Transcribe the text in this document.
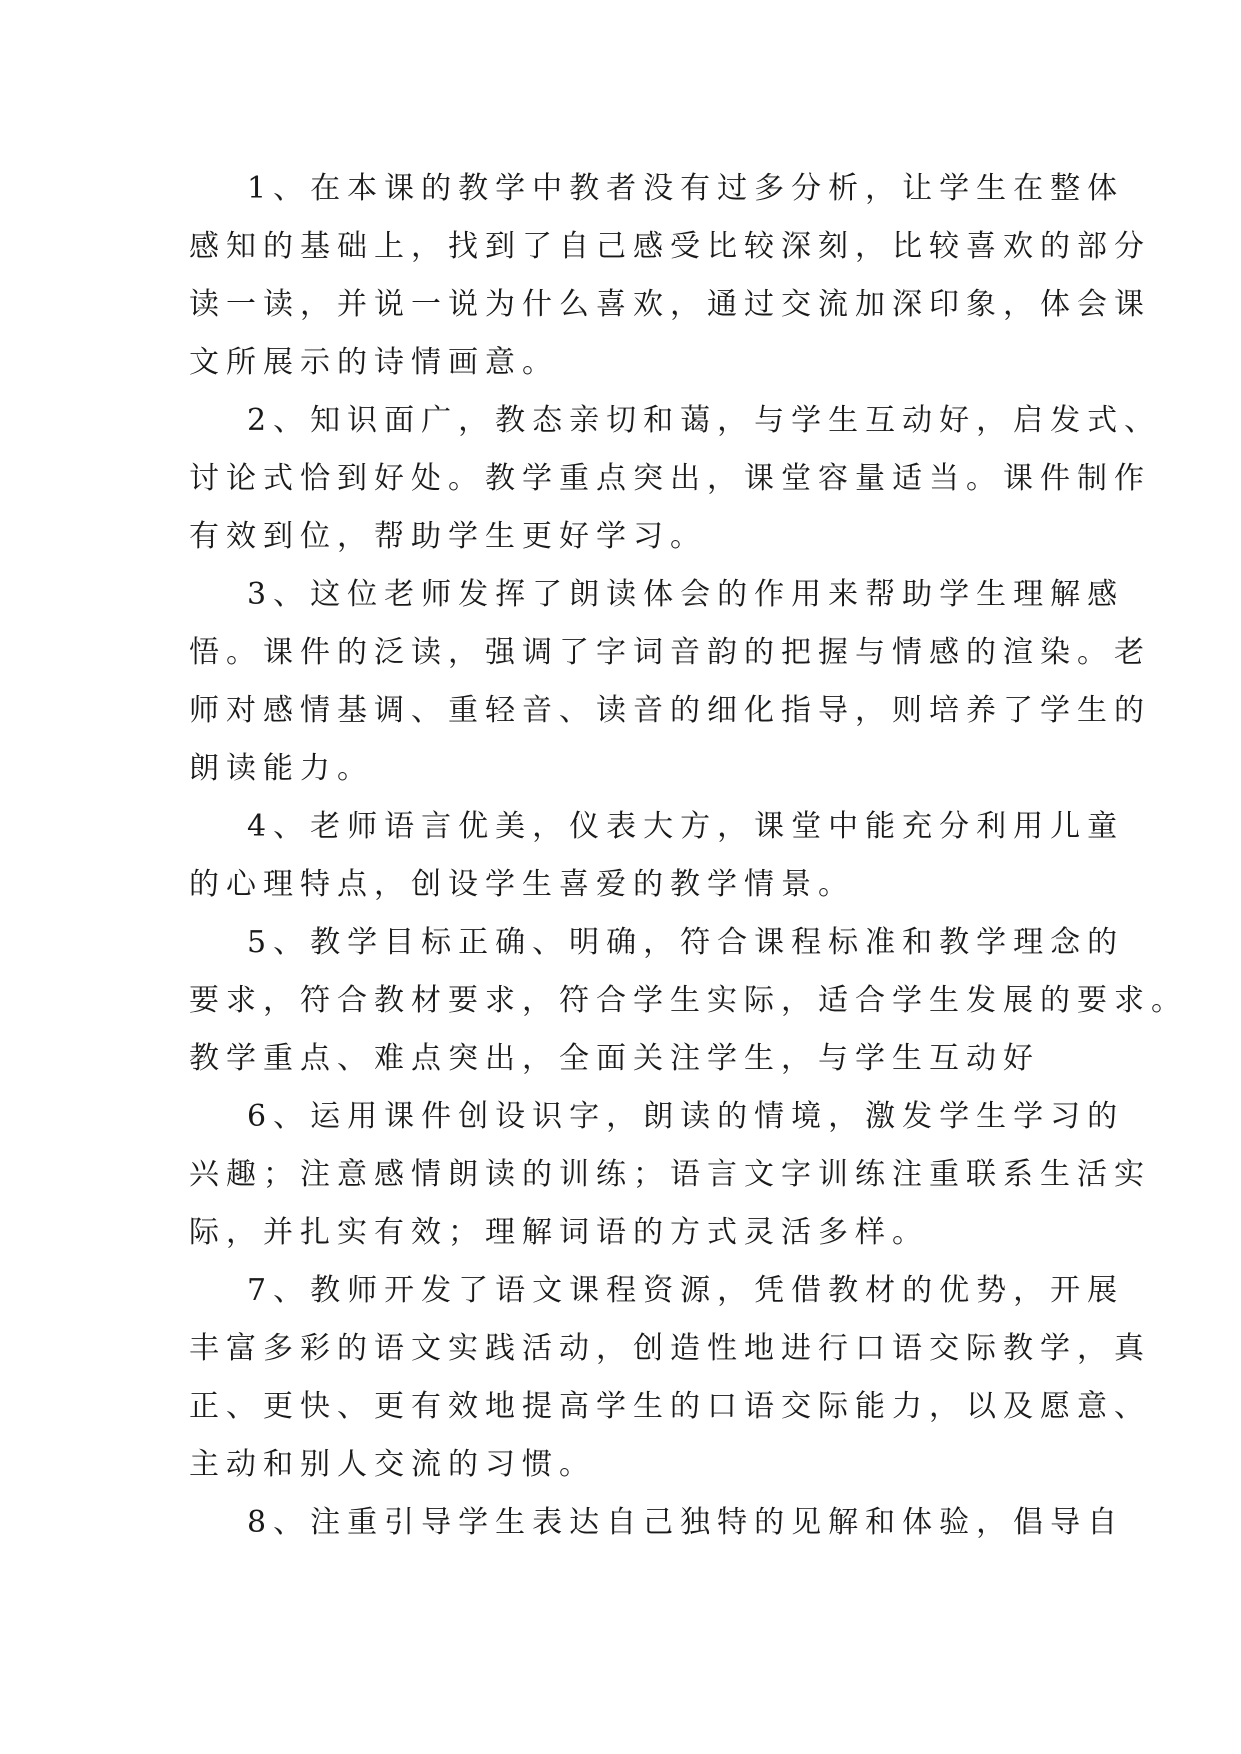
1、在本课的教学中教者没有过多分析，让学生在整体
感知的基础上，找到了自己感受比较深刻，比较喜欢的部分
读一读，并说一说为什么喜欢，通过交流加深印象，体会课
文所展示的诗情画意。
2、知识面广，教态亲切和蔼，与学生互动好，启发式、
讨论式恰到好处。教学重点突出，课堂容量适当。课件制作
有效到位，帮助学生更好学习。
3、这位老师发挥了朗读体会的作用来帮助学生理解感
悟。课件的泛读，强调了字词音韵的把握与情感的渲染。老
师对感情基调、重轻音、读音的细化指导，则培养了学生的
朗读能力。
4、老师语言优美，仪表大方，课堂中能充分利用儿童
的心理特点，创设学生喜爱的教学情景。
5、教学目标正确、明确，符合课程标准和教学理念的
要求，符合教材要求，符合学生实际，适合学生发展的要求。
教学重点、难点突出，全面关注学生，与学生互动好
6、运用课件创设识字，朗读的情境，激发学生学习的
兴趣；注意感情朗读的训练；语言文字训练注重联系生活实
际，并扎实有效；理解词语的方式灵活多样。
7、教师开发了语文课程资源，凭借教材的优势，开展
丰富多彩的语文实践活动，创造性地进行口语交际教学，真
正、更快、更有效地提高学生的口语交际能力，以及愿意、
主动和别人交流的习惯。
8、注重引导学生表达自己独特的见解和体验，倡导自
